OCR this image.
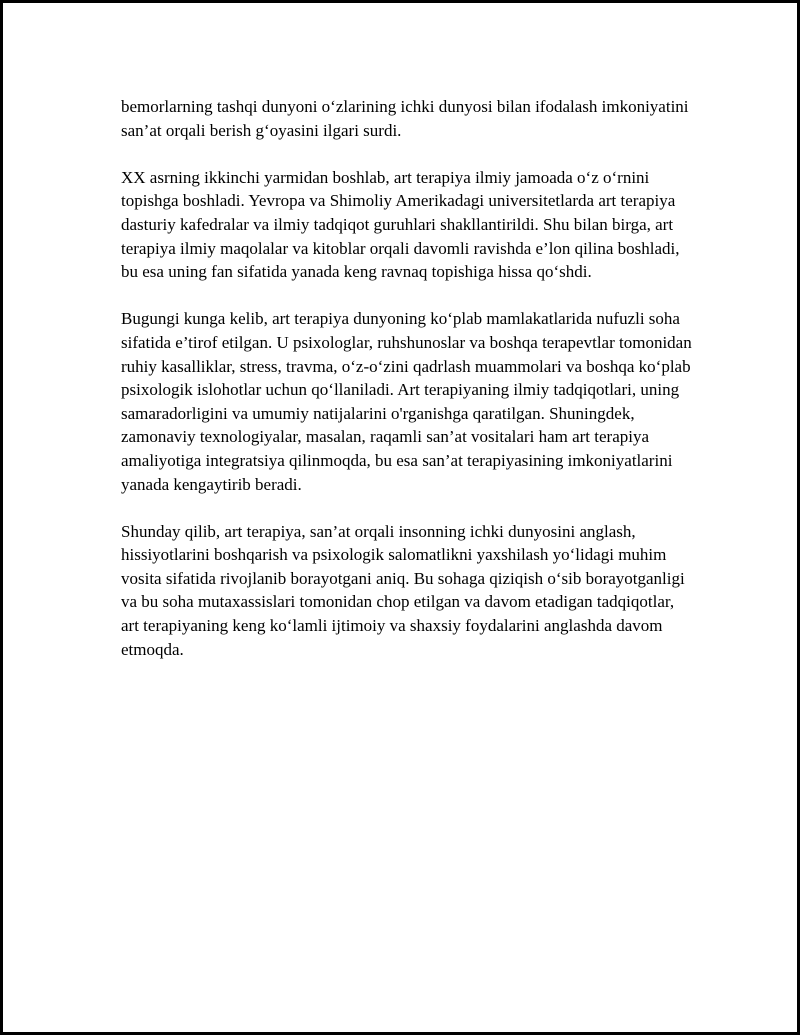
bemorlarning tashqi dunyoni o‘zlarining ichki dunyosi bilan ifodalash imkoniyatini san’at orqali berish g‘oyasini ilgari surdi.

XX asrning ikkinchi yarmidan boshlab, art terapiya ilmiy jamoada o‘z o‘rnini topishga boshladi. Yevropa va Shimoliy Amerikadagi universitetlarda art terapiya dasturiy kafedralar va ilmiy tadqiqot guruhlari shakllantirildi. Shu bilan birga, art terapiya ilmiy maqolalar va kitoblar orqali davomli ravishda e’lon qilina boshladi, bu esa uning fan sifatida yanada keng ravnaq topishiga hissa qo‘shdi.

Bugungi kunga kelib, art terapiya dunyoning ko‘plab mamlakatlarida nufuzli soha sifatida e’tirof etilgan. U psixologlar, ruhshunoslar va boshqa terapevtlar tomonidan ruhiy kasalliklar, stress, travma, o‘z-o‘zini qadrlash muammolari va boshqa ko‘plab psixologik islohotlar uchun qo‘llaniladi. Art terapiyaning ilmiy tadqiqotlari, uning samaradorligini va umumiy natijalarini o'rganishga qaratilgan. Shuningdek, zamonaviy texnologiyalar, masalan, raqamli san’at vositalari ham art terapiya amaliyotiga integratsiya qilinmoqda, bu esa san’at terapiyasining imkoniyatlarini yanada kengaytirib beradi.

Shunday qilib, art terapiya, san’at orqali insonning ichki dunyosini anglash, hissiyotlarini boshqarish va psixologik salomatlikni yaxshilash yo‘lidagi muhim vosita sifatida rivojlanib borayotgani aniq. Bu sohaga qiziqish o‘sib borayotganligi va bu soha mutaxassislari tomonidan chop etilgan va davom etadigan tadqiqotlar, art terapiyaning keng ko‘lamli ijtimoiy va shaxsiy foydalarini anglashda davom etmoqda.
